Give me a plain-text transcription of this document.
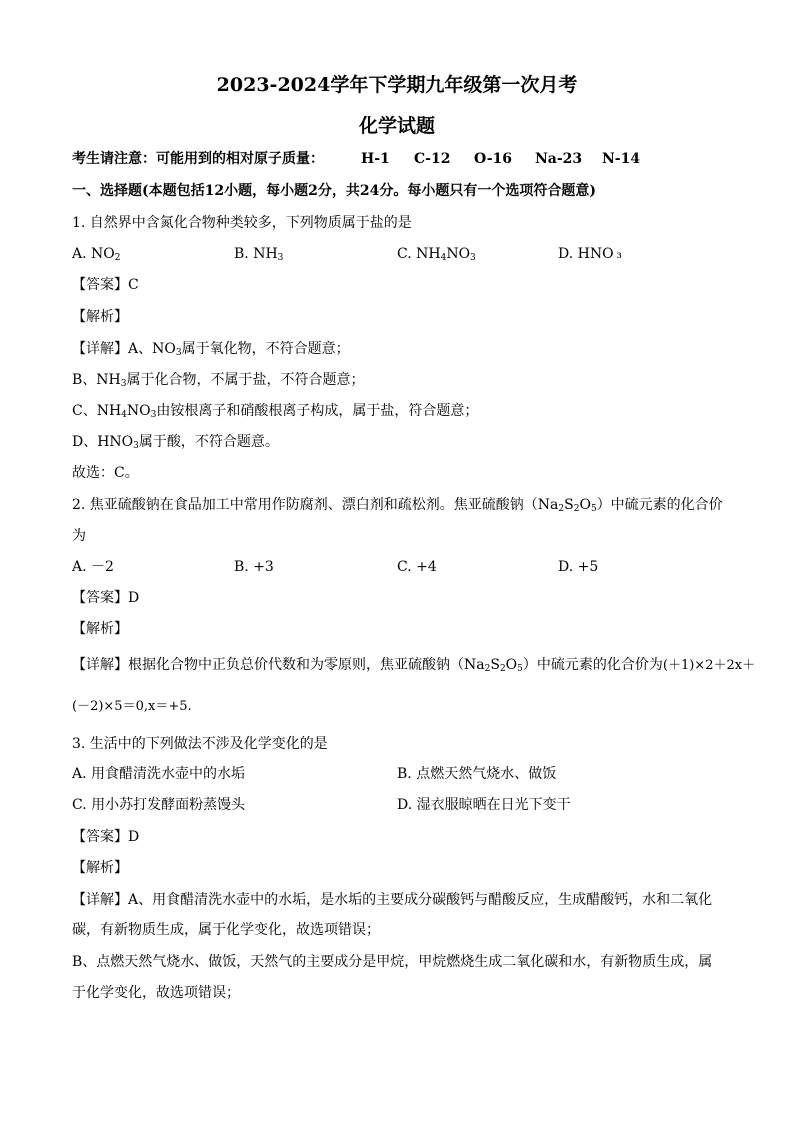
2023-2024学年下学期九年级第一次月考
化学试题
考生请注意：可能用到的相对原子质量：	H-1 C-12 O-16 Na-23 N-14
一、选择题(本题包括12小题，每小题2分，共24分。每小题只有一个选项符合题意)
1. 自然界中含氮化合物种类较多，下列物质属于盐的是
A. $NO_2$	B. $NH_3$	C. $NH_4NO_3$	D. HNO ₃
【答案】C
【解析】
【详解】A、$NO_3$属于氧化物，不符合题意；
B、$NH_3$属于化合物，不属于盐，不符合题意；
C、$NH_4NO_3$由铵根离子和硝酸根离子构成，属于盐，符合题意；
D、$HNO_3$属于酸，不符合题意。
故选：C。
2. 焦亚硫酸钠在食品加工中常用作防腐剂、漂白剂和疏松剂。焦亚硫酸钠$(Na_2S_2O_5)$中硫元素的化合价
为
A. －2	B. +3	C. +4	D. +5
【答案】D
【解析】
【详解】根据化合物中正负总价代数和为零原则，焦亚硫酸钠$(Na_2S_2O_5)$中硫元素的化合价为(＋1)×2＋2x＋
(－2)×5＝0,x＝+5.
3. 生活中的下列做法不涉及化学变化的是
A. 用食醋清洗水壶中的水垢	B. 点燃天然气烧水、做饭
C. 用小苏打发酵面粉蒸馒头	D. 湿衣服晾晒在日光下变干
【答案】D
【解析】
【详解】A、用食醋清洗水壶中的水垢，是水垢的主要成分碳酸钙与醋酸反应，生成醋酸钙，水和二氧化
碳，有新物质生成，属于化学变化，故选项错误；
B、点燃天然气烧水、做饭，天然气的主要成分是甲烷，甲烷燃烧生成二氧化碳和水，有新物质生成，属
于化学变化，故选项错误；
